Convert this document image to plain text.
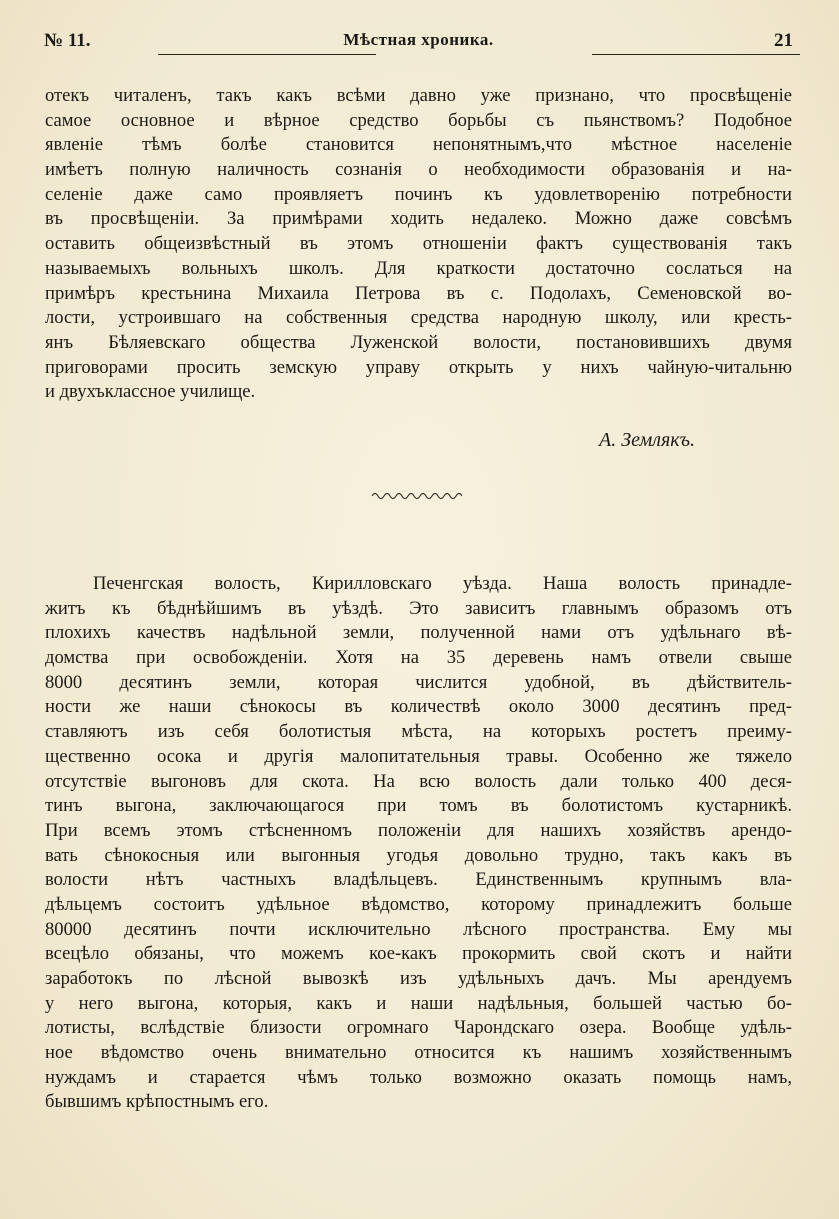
№ 11.	Мѣстная хроника.	21
отекъ читаленъ, такъ какъ всѣми давно уже признано, что просвѣщеніе
самое основное и вѣрное средство борьбы съ пьянствомъ? Подобное
явленіе тѣмъ болѣе становится непонятнымъ,что мѣстное населеніе
имѣетъ полную наличность сознанія о необходимости образованія и на-
селеніе даже само проявляетъ починъ къ удовлетворенію потребности
въ просвѣщеніи. За примѣрами ходить недалеко. Можно даже совсѣмъ
оставить общеизвѣстный въ этомъ отношеніи фактъ существованія такъ
называемыхъ вольныхъ школъ. Для краткости достаточно сослаться на
примѣръ крестьнина Михаила Петрова въ с. Подолахъ, Семеновской во-
лости, устроившаго на собственныя средства народную школу, или кресть-
янъ Бѣляевскаго общества Луженской волости, постановившихъ двумя
приговорами просить земскую управу открыть у нихъ чайную-читальню
и двухъклассное училище.
А. Землякъ.
Печенгская волость, Кирилловскаго уѣзда. Наша волость принадле-
житъ къ бѣднѣйшимъ въ уѣздѣ. Это зависитъ главнымъ образомъ отъ
плохихъ качествъ надѣльной земли, полученной нами отъ удѣльнаго вѣ-
домства при освобожденіи. Хотя на 35 деревень намъ отвели свыше
8000 десятинъ земли, которая числится удобной, въ дѣйствитель-
ности же наши сѣнокосы въ количествѣ около 3000 десятинъ пред-
ставляютъ изъ себя болотистыя мѣста, на которыхъ ростетъ преиму-
щественно осока и другія малопитательныя травы. Особенно же тяжело
отсутствіе выгоновъ для скота. На всю волость дали только 400 деся-
тинъ выгона, заключающагося при томъ въ болотистомъ кустарникѣ.
При всемъ этомъ стѣсненномъ положеніи для нашихъ хозяйствъ арендо-
вать сѣнокосныя или выгонныя угодья довольно трудно, такъ какъ въ
волости нѣтъ частныхъ владѣльцевъ. Единственнымъ крупнымъ вла-
дѣльцемъ состоитъ удѣльное вѣдомство, которому принадлежитъ больше
80000 десятинъ почти исключительно лѣсного пространства. Ему мы
всецѣло обязаны, что можемъ кое-какъ прокормить свой скотъ и найти
заработокъ по лѣсной вывозкѣ изъ удѣльныхъ дачъ. Мы арендуемъ
у него выгона, которыя, какъ и наши надѣльныя, большей частью бо-
лотисты, вслѣдствіе близости огромнаго Чарондскаго озера. Вообще удѣль-
ное вѣдомство очень внимательно относится къ нашимъ хозяйственнымъ
нуждамъ и старается чѣмъ только возможно оказать помощь намъ,
бывшимъ крѣпостнымъ его.
